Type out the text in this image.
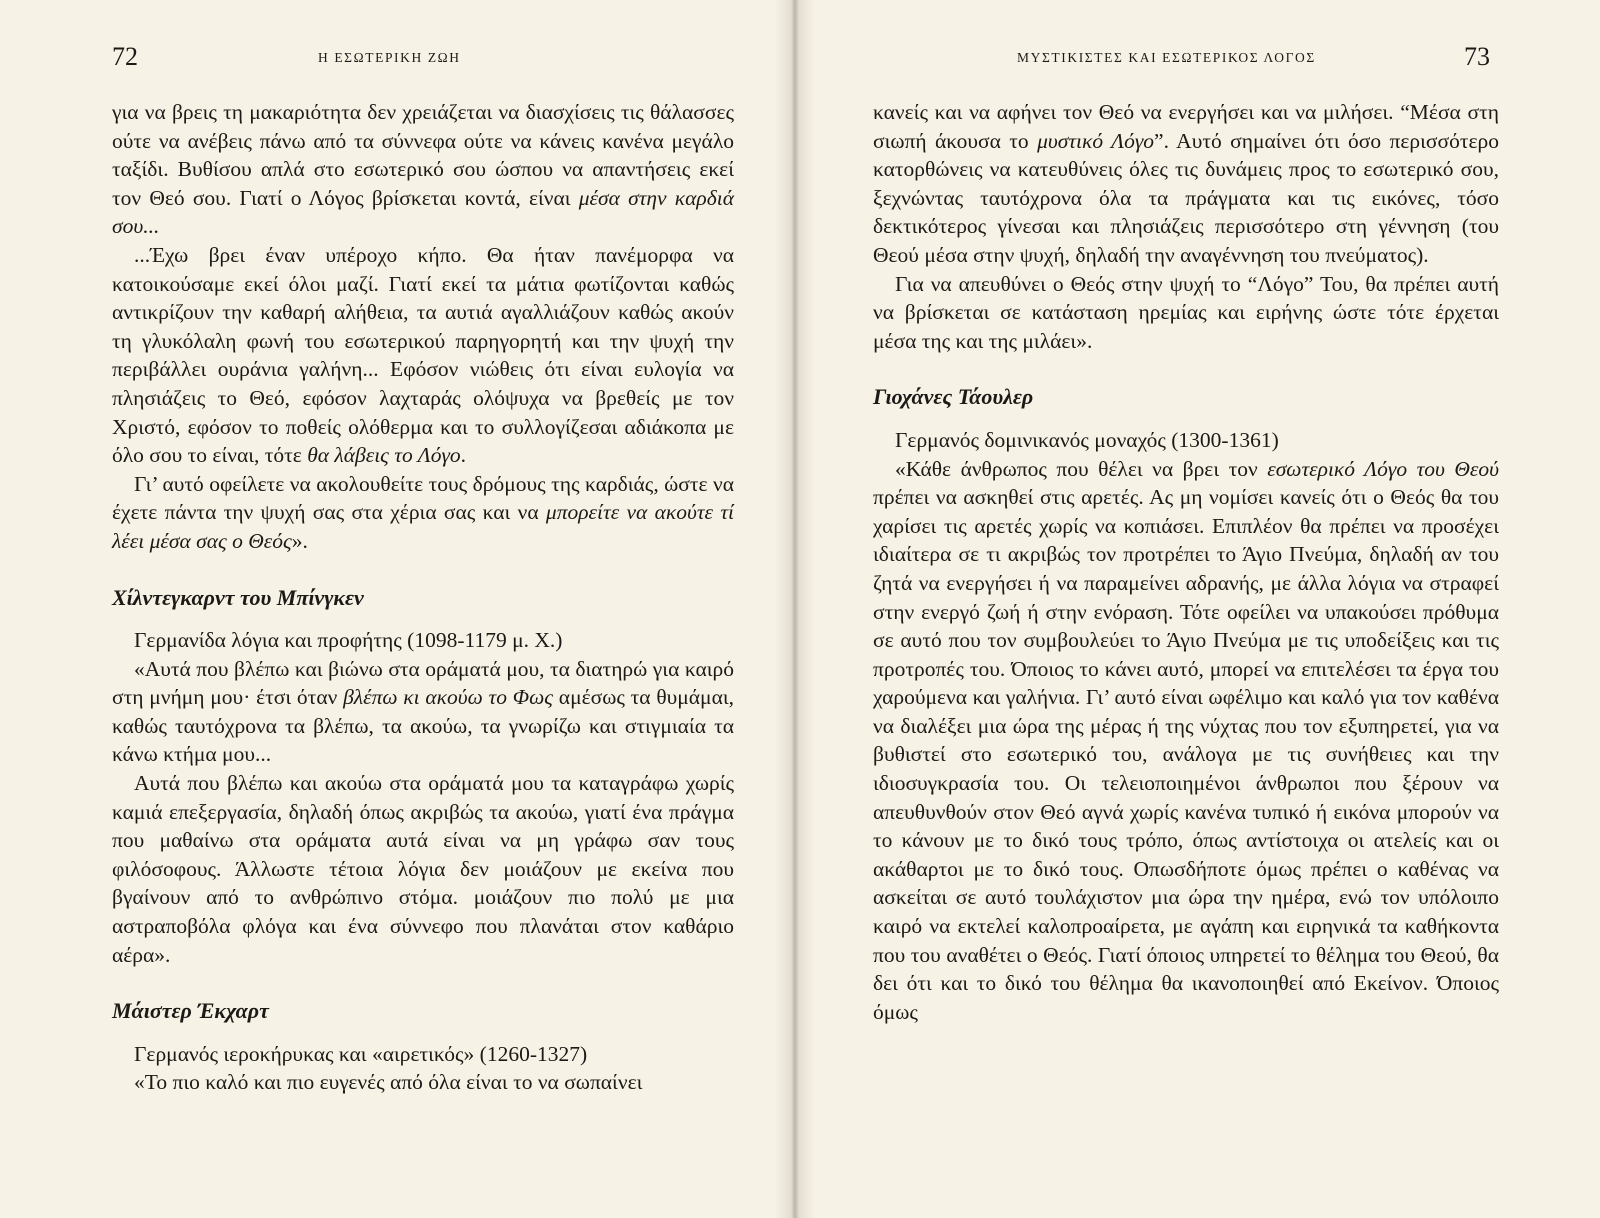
72	Η ΕΣΩΤΕΡΙΚΗ ΖΩΗ

για να βρεις τη μακαριότητα δεν χρειάζεται να διασχίσεις τις θάλασσες ούτε να ανέβεις πάνω από τα σύννεφα ούτε να κάνεις κανένα μεγάλο ταξίδι. Βυθίσου απλά στο εσωτερικό σου ώσπου να απαντήσεις εκεί τον Θεό σου. Γιατί ο Λόγος βρίσκεται κοντά, είναι μέσα στην καρδιά σου...

...Έχω βρει έναν υπέροχο κήπο. Θα ήταν πανέμορφα να κατοικούσαμε εκεί όλοι μαζί. Γιατί εκεί τα μάτια φωτίζονται καθώς αντικρίζουν την καθαρή αλήθεια, τα αυτιά αγαλλιάζουν καθώς ακούν τη γλυκόλαλη φωνή του εσωτερικού παρηγορητή και την ψυχή την περιβάλλει ουράνια γαλήνη... Εφόσον νιώθεις ότι είναι ευλογία να πλησιάζεις το Θεό, εφόσον λαχταράς ολόψυχα να βρεθείς με τον Χριστό, εφόσον το ποθείς ολόθερμα και το συλλογίζεσαι αδιάκοπα με όλο σου το είναι, τότε θα λάβεις το Λόγο.

Γι’ αυτό οφείλετε να ακολουθείτε τους δρόμους της καρδιάς, ώστε να έχετε πάντα την ψυχή σας στα χέρια σας και να μπορείτε να ακούτε τί λέει μέσα σας ο Θεός».

Χίλντεγκαρντ του Μπίνγκεν

Γερμανίδα λόγια και προφήτης (1098-1179 μ. Χ.)

«Αυτά που βλέπω και βιώνω στα οράματά μου, τα διατηρώ για καιρό στη μνήμη μου· έτσι όταν βλέπω κι ακούω το Φως αμέσως τα θυμάμαι, καθώς ταυτόχρονα τα βλέπω, τα ακούω, τα γνωρίζω και στιγμιαία τα κάνω κτήμα μου...

Αυτά που βλέπω και ακούω στα οράματά μου τα καταγράφω χωρίς καμιά επεξεργασία, δηλαδή όπως ακριβώς τα ακούω, γιατί ένα πράγμα που μαθαίνω στα οράματα αυτά είναι να μη γράφω σαν τους φιλόσοφους. Άλλωστε τέτοια λόγια δεν μοιάζουν με εκείνα που βγαίνουν από το ανθρώπινο στόμα. μοιάζουν πιο πολύ με μια αστραποβόλα φλόγα και ένα σύννεφο που πλανάται στον καθάριο αέρα».

Μάιστερ Έκχαρτ

Γερμανός ιεροκήρυκας και «αιρετικός» (1260-1327)

«Το πιο καλό και πιο ευγενές από όλα είναι το να σωπαίνει

73
ΜΥΣΤΙΚΙΣΤΕΣ ΚΑΙ ΕΣΩΤΕΡΙΚΟΣ ΛΟΓΟΣ

κανείς και να αφήνει τον Θεό να ενεργήσει και να μιλήσει. “Μέσα στη σιωπή άκουσα το μυστικό Λόγο”. Αυτό σημαίνει ότι όσο περισσότερο κατορθώνεις να κατευθύνεις όλες τις δυνάμεις προς το εσωτερικό σου, ξεχνώντας ταυτόχρονα όλα τα πράγματα και τις εικόνες, τόσο δεκτικότερος γίνεσαι και πλησιάζεις περισσότερο στη γέννηση (του Θεού μέσα στην ψυχή, δηλαδή την αναγέννηση του πνεύματος).

Για να απευθύνει ο Θεός στην ψυχή το “Λόγο” Του, θα πρέπει αυτή να βρίσκεται σε κατάσταση ηρεμίας και ειρήνης ώστε τότε έρχεται μέσα της και της μιλάει».

Γιοχάνες Τάουλερ

Γερμανός δομινικανός μοναχός (1300-1361)

«Κάθε άνθρωπος που θέλει να βρει τον εσωτερικό Λόγο του Θεού πρέπει να ασκηθεί στις αρετές. Ας μη νομίσει κανείς ότι ο Θεός θα του χαρίσει τις αρετές χωρίς να κοπιάσει. Επιπλέον θα πρέπει να προσέχει ιδιαίτερα σε τι ακριβώς τον προτρέπει το Άγιο Πνεύμα, δηλαδή αν του ζητά να ενεργήσει ή να παραμείνει αδρανής, με άλλα λόγια να στραφεί στην ενεργό ζωή ή στην ενόραση. Τότε οφείλει να υπακούσει πρόθυμα σε αυτό που τον συμβουλεύει το Άγιο Πνεύμα με τις υποδείξεις και τις προτροπές του. Όποιος το κάνει αυτό, μπορεί να επιτελέσει τα έργα του χαρούμενα και γαλήνια. Γι’ αυτό είναι ωφέλιμο και καλό για τον καθένα να διαλέξει μια ώρα της μέρας ή της νύχτας που τον εξυπηρετεί, για να βυθιστεί στο εσωτερικό του, ανάλογα με τις συνήθειες και την ιδιοσυγκρασία του. Οι τελειοποιημένοι άνθρωποι που ξέρουν να απευθυνθούν στον Θεό αγνά χωρίς κανένα τυπικό ή εικόνα μπορούν να το κάνουν με το δικό τους τρόπο, όπως αντίστοιχα οι ατελείς και οι ακάθαρτοι με το δικό τους. Οπωσδήποτε όμως πρέπει ο καθένας να ασκείται σε αυτό τουλάχιστον μια ώρα την ημέρα, ενώ τον υπόλοιπο καιρό να εκτελεί καλοπροαίρετα, με αγάπη και ειρηνικά τα καθήκοντα που του αναθέτει ο Θεός. Γιατί όποιος υπηρετεί το θέλημα του Θεού, θα δει ότι και το δικό του θέλημα θα ικανοποιηθεί από Εκείνον. Όποιος όμως
